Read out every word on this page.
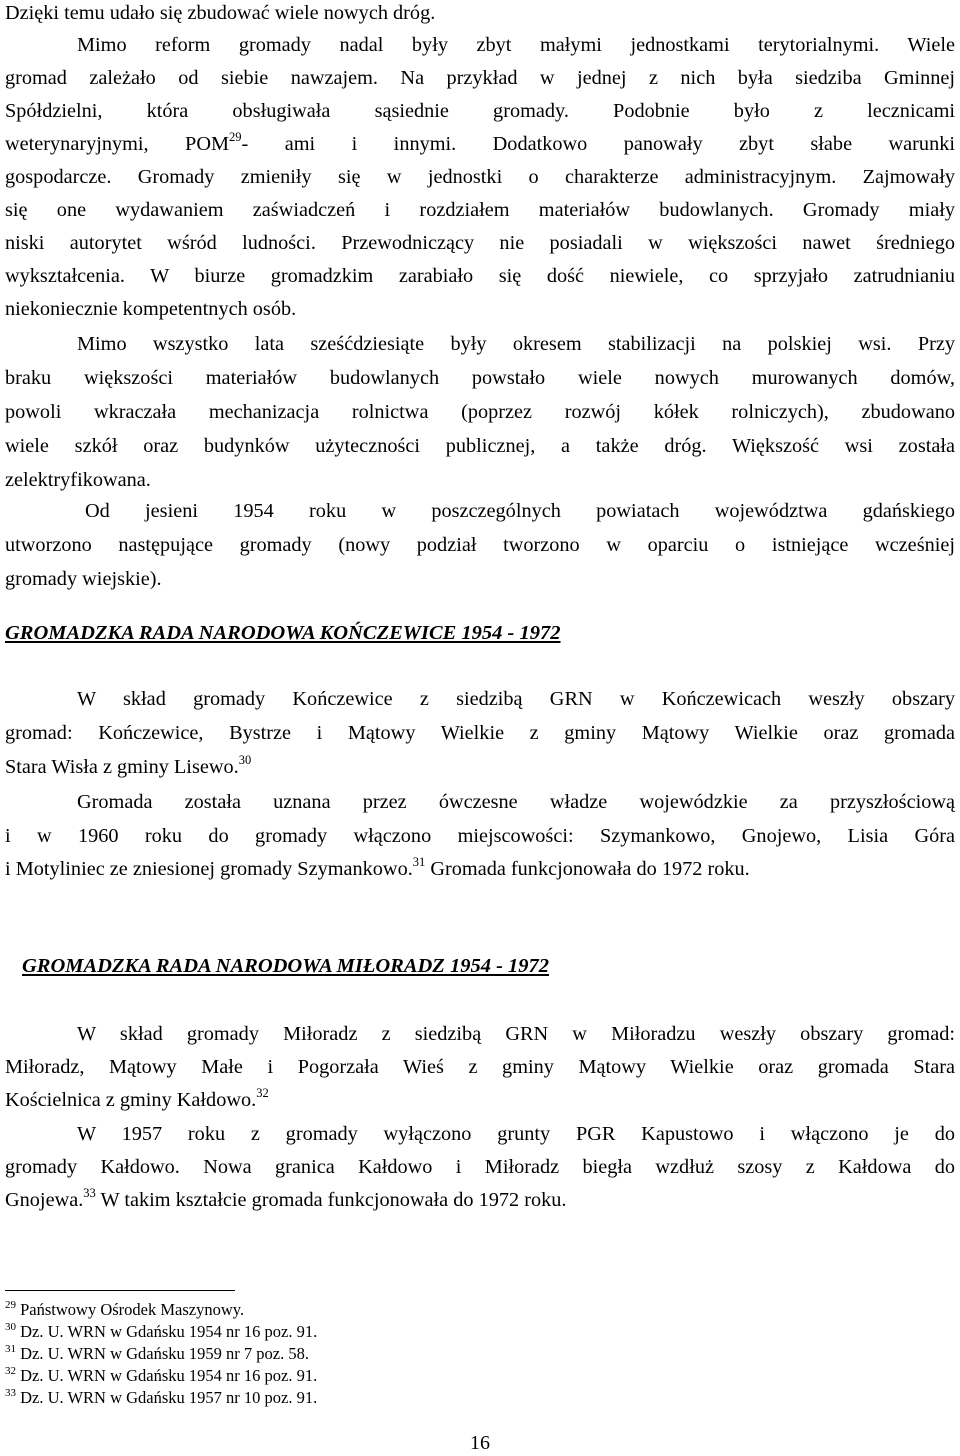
Dzięki temu udało się zbudować wiele nowych dróg.
Mimo reform gromady nadal były zbyt małymi jednostkami terytorialnymi. Wiele
gromad zależało od siebie nawzajem. Na przykład w jednej z nich była siedziba Gminnej
Spółdzielni, która obsługiwała sąsiednie gromady. Podobnie było z lecznicami
weterynaryjnymi, POM$^{29}$- ami i innymi. Dodatkowo panowały zbyt słabe warunki
gospodarcze. Gromady zmieniły się w jednostki o charakterze administracyjnym. Zajmowały
się one wydawaniem zaświadczeń i rozdziałem materiałów budowlanych. Gromady miały
niski autorytet wśród ludności. Przewodniczący nie posiadali w większości nawet średniego
wykształcenia. W biurze gromadzkim zarabiało się dość niewiele, co sprzyjało zatrudnianiu
niekoniecznie kompetentnych osób.
Mimo wszystko lata sześćdziesiąte były okresem stabilizacji na polskiej wsi. Przy
braku większości materiałów budowlanych powstało wiele nowych murowanych domów,
powoli wkraczała mechanizacja rolnictwa (poprzez rozwój kółek rolniczych), zbudowano
wiele szkół oraz budynków użyteczności publicznej, a także dróg. Większość wsi została
zelektryfikowana.
Od jesieni 1954 roku w poszczególnych powiatach województwa gdańskiego
utworzono następujące gromady (nowy podział tworzono w oparciu o istniejące wcześniej
gromady wiejskie).
GROMADZKA RADA NARODOWA KOŃCZEWICE 1954 - 1972
W skład gromady Kończewice z siedzibą GRN w Kończewicach weszły obszary
gromad: Kończewice, Bystrze i Mątowy Wielkie z gminy Mątowy Wielkie oraz gromada
Stara Wisła z gminy Lisewo.$^{30}$
Gromada została uznana przez ówczesne władze wojewódzkie za przyszłościową
i w 1960 roku do gromady włączono miejscowości: Szymankowo, Gnojewo, Lisia Góra
i Motyliniec ze zniesionej gromady Szymankowo.$^{31}$ Gromada funkcjonowała do 1972 roku.
GROMADZKA RADA NARODOWA MIŁORADZ 1954 - 1972
W skład gromady Miłoradz z siedzibą GRN w Miłoradzu weszły obszary gromad:
Miłoradz, Mątowy Małe i Pogorzała Wieś z gminy Mątowy Wielkie oraz gromada Stara
Kościelnica z gminy Kałdowo.$^{32}$
W 1957 roku z gromady wyłączono grunty PGR Kapustowo i włączono je do
gromady Kałdowo. Nowa granica Kałdowo i Miłoradz biegła wzdłuż szosy z Kałdowa do
Gnojewa.$^{33}$ W takim kształcie gromada funkcjonowała do 1972 roku.
$^{29}$ Państwowy Ośrodek Maszynowy.
$^{30}$ Dz. U. WRN w Gdańsku 1954 nr 16 poz. 91.
$^{31}$ Dz. U. WRN w Gdańsku 1959 nr 7 poz. 58.
$^{32}$ Dz. U. WRN w Gdańsku 1954 nr 16 poz. 91.
$^{33}$ Dz. U. WRN w Gdańsku 1957 nr 10 poz. 91.
16
